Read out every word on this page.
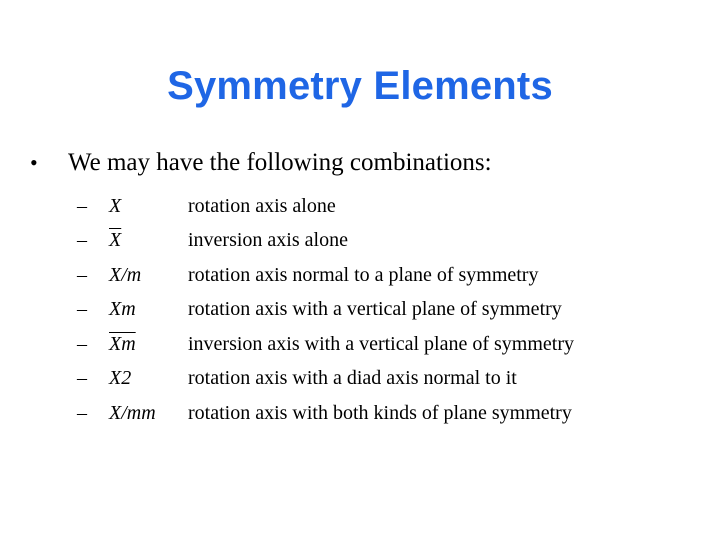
Symmetry Elements
• We may have the following combinations:
–	X	rotation axis alone
–	$\overline{X}$	inversion axis alone
–	X/m	rotation axis normal to a plane of symmetry
–	Xm	rotation axis with a vertical plane of symmetry
–	$\overline{Xm}$	inversion axis with a vertical plane of symmetry
–	X2	rotation axis with a diad axis normal to it
–	X/mm	rotation axis with both kinds of plane symmetry
